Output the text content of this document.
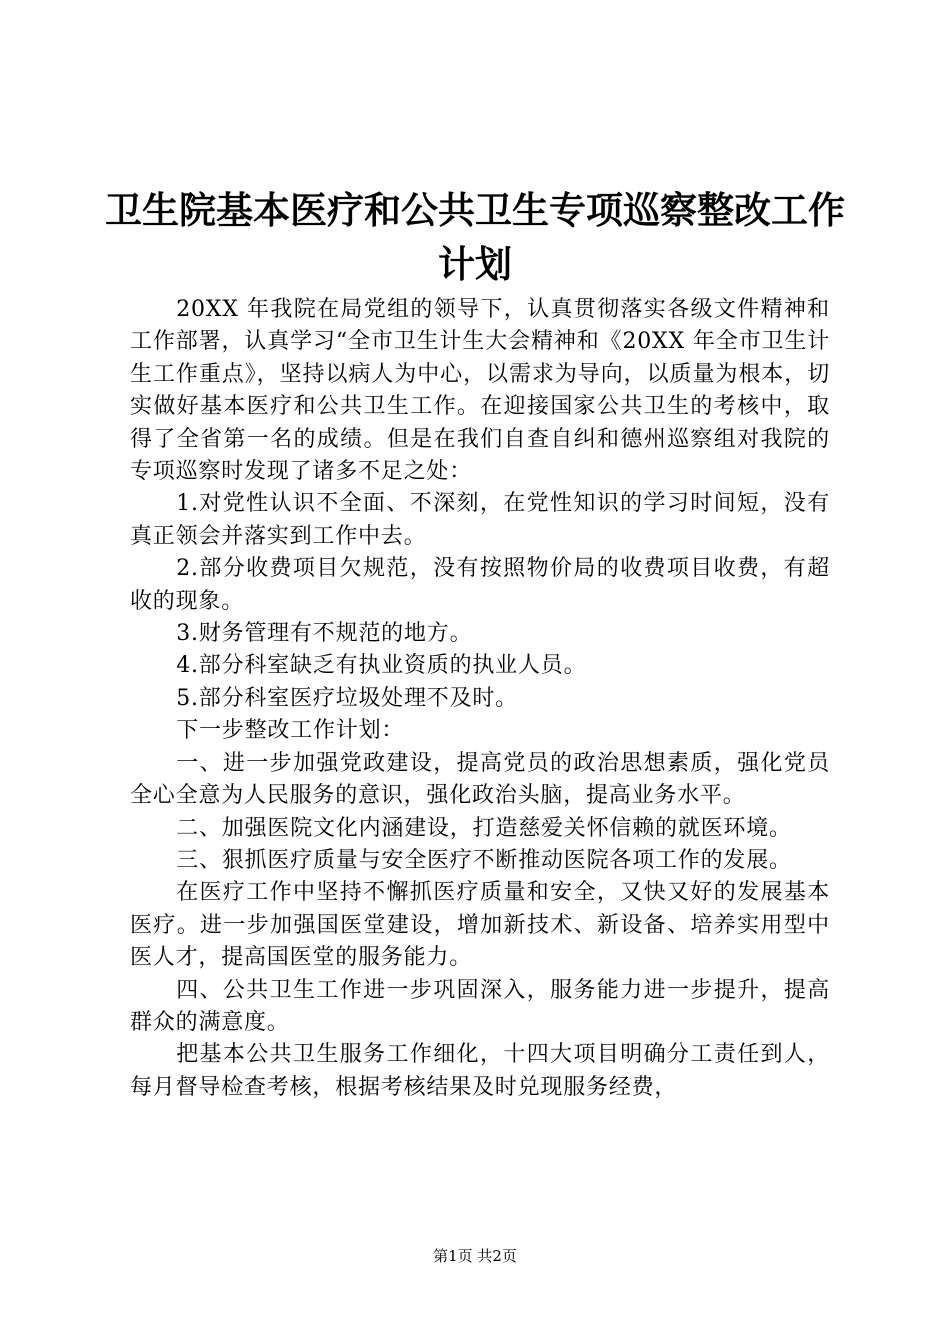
卫生院基本医疗和公共卫生专项巡察整改工作
计划

20XX 年我院在局党组的领导下，认真贯彻落实各级文件精神和工作部署，认真学习“全市卫生计生大会精神和《20XX 年全市卫生计生工作重点》，坚持以病人为中心，以需求为导向，以质量为根本，切实做好基本医疗和公共卫生工作。在迎接国家公共卫生的考核中，取得了全省第一名的成绩。但是在我们自查自纠和德州巡察组对我院的专项巡察时发现了诸多不足之处：

1.对党性认识不全面、不深刻，在党性知识的学习时间短，没有真正领会并落实到工作中去。

2.部分收费项目欠规范，没有按照物价局的收费项目收费，有超收的现象。

3.财务管理有不规范的地方。

4.部分科室缺乏有执业资质的执业人员。

5.部分科室医疗垃圾处理不及时。

下一步整改工作计划：

一、进一步加强党政建设，提高党员的政治思想素质，强化党员全心全意为人民服务的意识，强化政治头脑，提高业务水平。

二、加强医院文化内涵建设，打造慈爱关怀信赖的就医环境。

三、狠抓医疗质量与安全医疗不断推动医院各项工作的发展。

在医疗工作中坚持不懈抓医疗质量和安全，又快又好的发展基本医疗。进一步加强国医堂建设，增加新技术、新设备、培养实用型中医人才，提高国医堂的服务能力。

四、公共卫生工作进一步巩固深入，服务能力进一步提升，提高群众的满意度。

把基本公共卫生服务工作细化，十四大项目明确分工责任到人，每月督导检查考核，根据考核结果及时兑现服务经费，

第1页 共2页
